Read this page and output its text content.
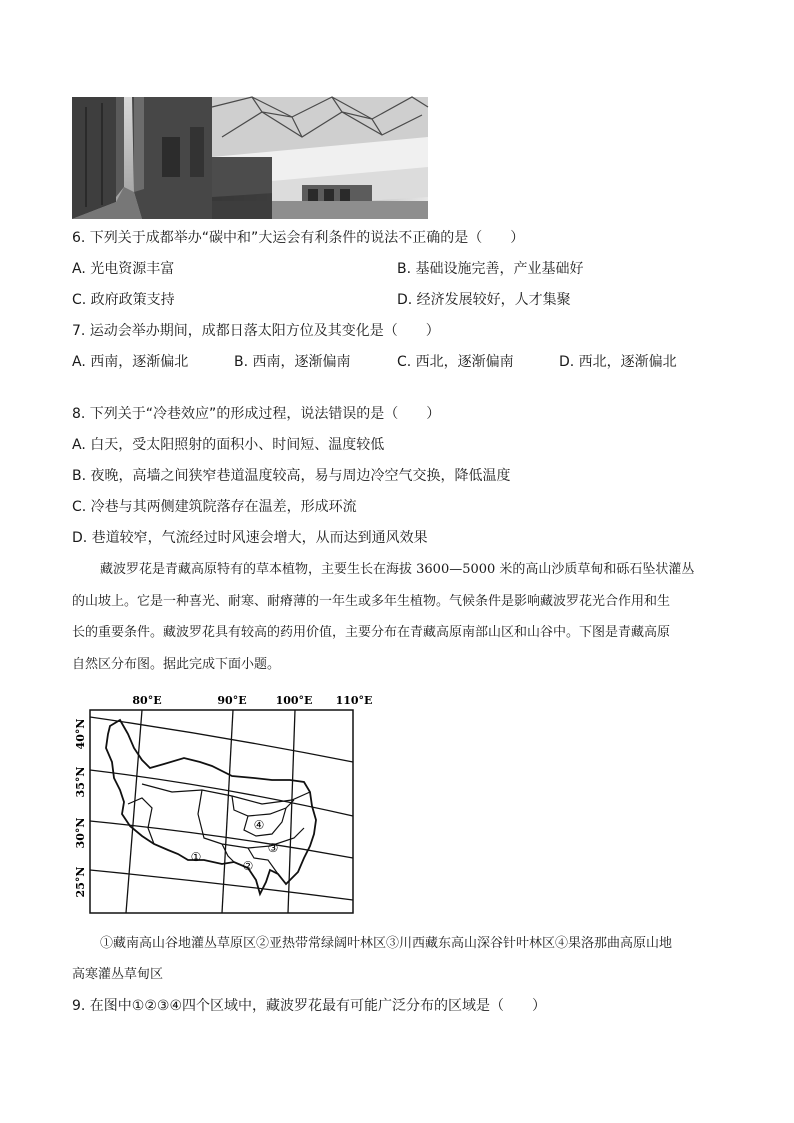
6. 下列关于成都举办“碳中和”大运会有利条件的说法不正确的是（　　）
A. 光电资源丰富	B. 基础设施完善，产业基础好
C. 政府政策支持	D. 经济发展较好，人才集聚
7. 运动会举办期间，成都日落太阳方位及其变化是（　　）
A. 西南，逐渐偏北	B. 西南，逐渐偏南	C. 西北，逐渐偏南	D. 西北，逐渐偏北
8. 下列关于“冷巷效应”的形成过程，说法错误的是（　　）
A. 白天，受太阳照射的面积小、时间短、温度较低
B. 夜晚，高墙之间狭窄巷道温度较高，易与周边冷空气交换，降低温度
C. 冷巷与其两侧建筑院落存在温差，形成环流
D. 巷道较窄，气流经过时风速会增大，从而达到通风效果
藏波罗花是青藏高原特有的草本植物，主要生长在海拔 3600—5000 米的高山沙质草甸和砾石坠状灌丛
的山坡上。它是一种喜光、耐寒、耐瘠薄的一年生或多年生植物。气候条件是影响藏波罗花光合作用和生
长的重要条件。藏波罗花具有较高的药用价值，主要分布在青藏高原南部山区和山谷中。下图是青藏高原
自然区分布图。据此完成下面小题。
80°E	90°E	100°E 110°E
40°N
35°N
30°N
25°N
①
②
③
④
①藏南高山谷地灌丛草原区②亚热带常绿阔叶林区③川西藏东高山深谷针叶林区④果洛那曲高原山地
高寒灌丛草甸区
9. 在图中①②③④四个区域中，藏波罗花最有可能广泛分布的区域是（　　）
